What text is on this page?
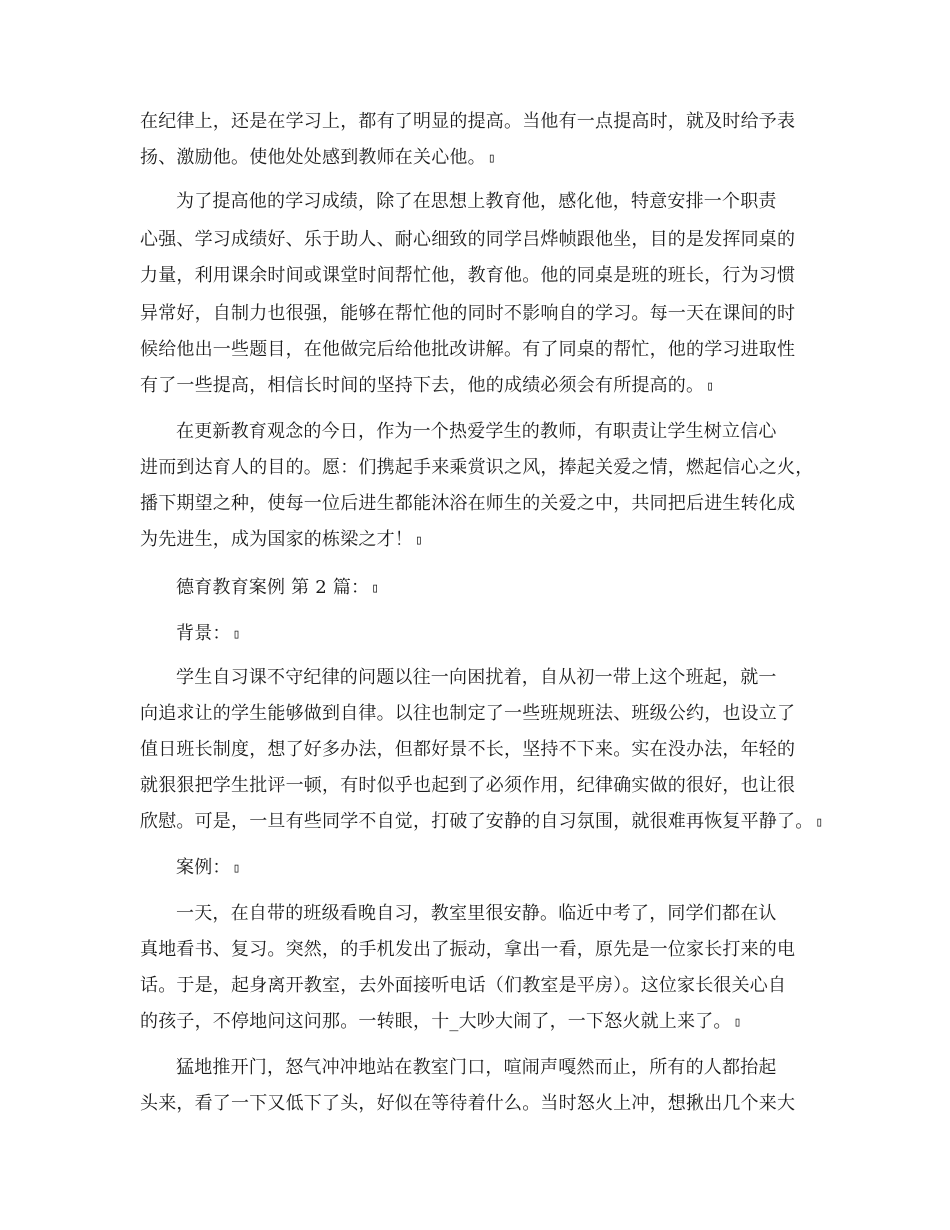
在纪律上，还是在学习上，都有了明显的提高。当他有一点提高时，就及时给予表
扬、激励他。使他处处感到教师在关心他。 ▯
为了提高他的学习成绩，除了在思想上教育他，感化他，特意安排一个职责
心强、学习成绩好、乐于助人、耐心细致的同学吕烨帧跟他坐，目的是发挥同桌的
力量，利用课余时间或课堂时间帮忙他，教育他。他的同桌是班的班长，行为习惯
异常好，自制力也很强，能够在帮忙他的同时不影响自的学习。每一天在课间的时
候给他出一些题目，在他做完后给他批改讲解。有了同桌的帮忙，他的学习进取性
有了一些提高，相信长时间的坚持下去，他的成绩必须会有所提高的。 ▯
在更新教育观念的今日，作为一个热爱学生的教师，有职责让学生树立信心
进而到达育人的目的。愿：们携起手来乘赏识之风，捧起关爱之情，燃起信心之火，
播下期望之种，使每一位后进生都能沐浴在师生的关爱之中，共同把后进生转化成
为先进生，成为国家的栋梁之才！ ▯
德育教育案例 第 2 篇： ▯
背景： ▯
学生自习课不守纪律的问题以往一向困扰着，自从初一带上这个班起，就一
向追求让的学生能够做到自律。以往也制定了一些班规班法、班级公约，也设立了
值日班长制度，想了好多办法，但都好景不长，坚持不下来。实在没办法，年轻的
就狠狠把学生批评一顿，有时似乎也起到了必须作用，纪律确实做的很好，也让很
欣慰。可是，一旦有些同学不自觉，打破了安静的自习氛围，就很难再恢复平静了。 ▯
案例： ▯
一天，在自带的班级看晚自习，教室里很安静。临近中考了，同学们都在认
真地看书、复习。突然，的手机发出了振动，拿出一看，原先是一位家长打来的电
话。于是，起身离开教室，去外面接听电话（们教室是平房）。这位家长很关心自
的孩子，不停地问这问那。一转眼，十_大吵大闹了，一下怒火就上来了。 ▯
猛地推开门，怒气冲冲地站在教室门口，喧闹声嘎然而止，所有的人都抬起
头来，看了一下又低下了头，好似在等待着什么。当时怒火上冲，想揪出几个来大
